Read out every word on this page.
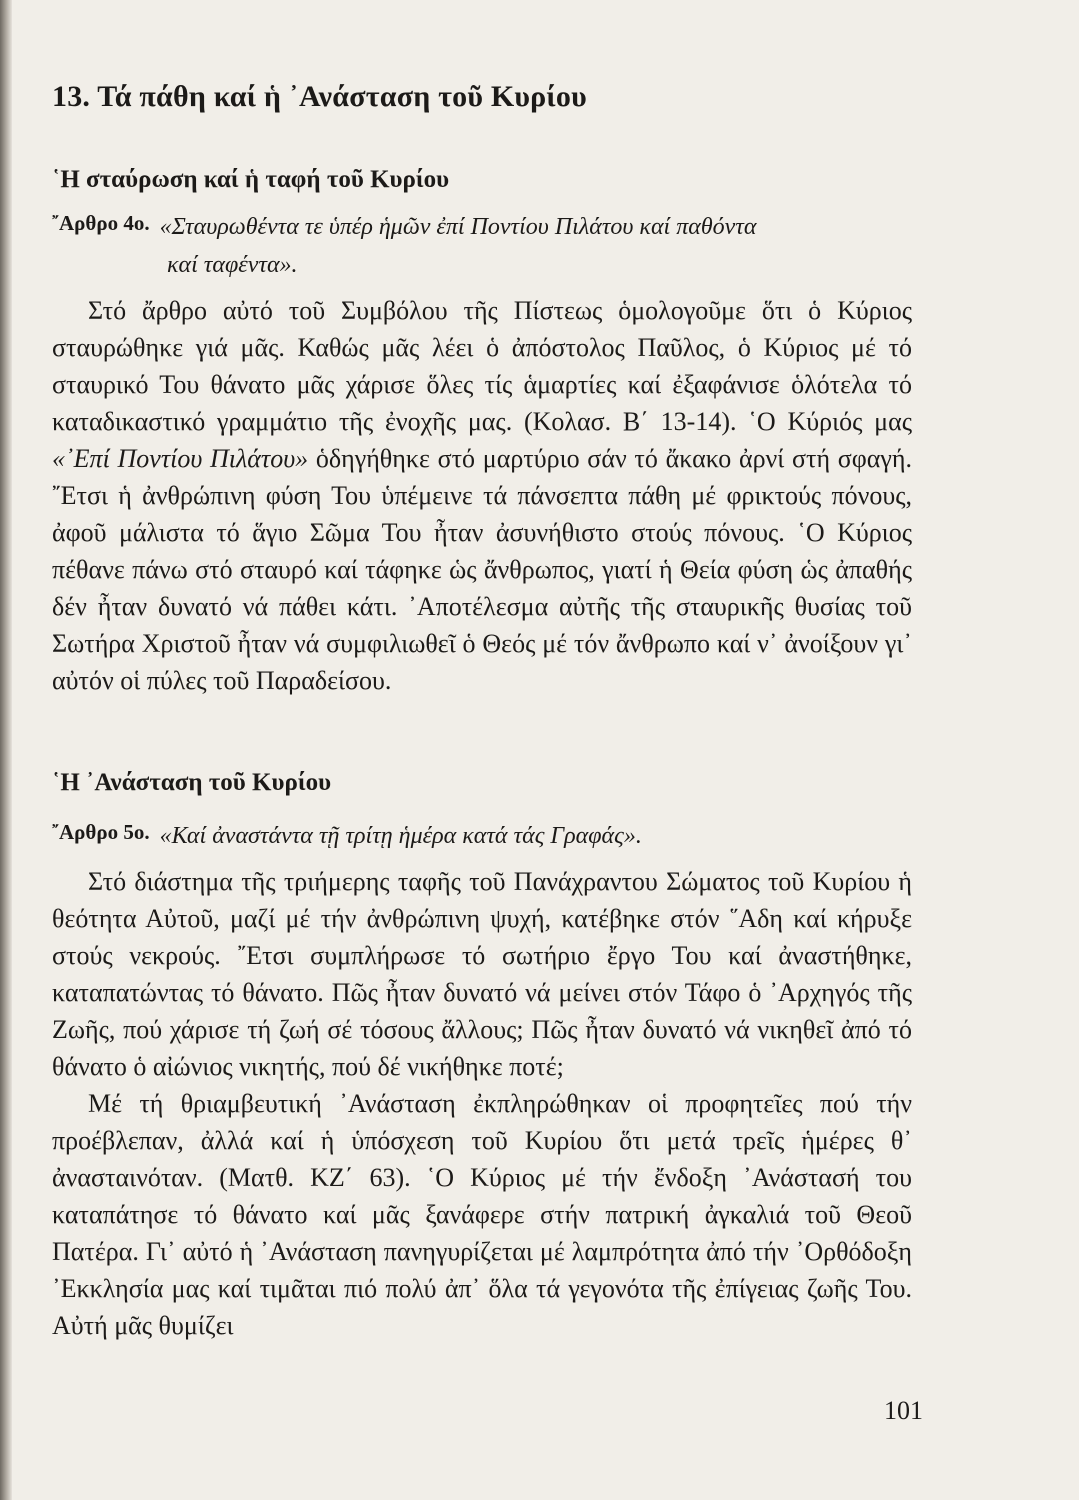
13. Τά πάθη καί ἡ ᾿Ανάσταση τοῦ Κυρίου
῾Η σταύρωση καί ἡ ταφή τοῦ Κυρίου
῎Αρθρο 4ο. «Σταυρωθέντα τε ὑπέρ ἡμῶν ἐπί Ποντίου Πιλάτου καί παθόντα
καί ταφέντα».

Στό ἄρθρο αὐτό τοῦ Συμβόλου τῆς Πίστεως ὁμολογοῦμε ὅτι ὁ Κύριος σταυρώθηκε γιά μᾶς. Καθώς μᾶς λέει ὁ ἀπόστολος Παῦλος, ὁ Κύριος μέ τό σταυρικό Του θάνατο μᾶς χάρισε ὅλες τίς ἁμαρτίες καί ἐξαφάνισε ὁλότελα τό καταδικαστικό γραμμάτιο τῆς ἐνοχῆς μας. (Κολασ. Β΄ 13-14). ῾Ο Κύριός μας «᾿Επί Ποντίου Πιλάτου» ὁδηγήθηκε στό μαρτύριο σάν τό ἄκακο ἀρνί στή σφαγή. ῎Ετσι ἡ ἀνθρώπινη φύση Του ὑπέμεινε τά πάνσεπτα πάθη μέ φρικτούς πόνους, ἀφοῦ μάλιστα τό ἅγιο Σῶμα Του ἦταν ἀσυνήθιστο στούς πόνους. ῾Ο Κύριος πέθανε πάνω στό σταυρό καί τάφηκε ὡς ἄνθρωπος, γιατί ἡ Θεία φύση ὡς ἀπαθής δέν ἦταν δυνατό νά πάθει κάτι. ᾿Αποτέλεσμα αὐτῆς τῆς σταυρικῆς θυσίας τοῦ Σωτήρα Χριστοῦ ἦταν νά συμφιλιωθεῖ ὁ Θεός μέ τόν ἄνθρωπο καί ν᾿ ἀνοίξουν γι᾿ αὐτόν οἱ πύλες τοῦ Παραδείσου.

῾Η ᾿Ανάσταση τοῦ Κυρίου
῎Αρθρο 5ο. «Καί ἀναστάντα τῇ τρίτῃ ἡμέρα κατά τάς Γραφάς».

Στό διάστημα τῆς τριήμερης ταφῆς τοῦ Πανάχραντου Σώματος τοῦ Κυρίου ἡ θεότητα Αὐτοῦ, μαζί μέ τήν ἀνθρώπινη ψυχή, κατέβηκε στόν ῞Αδη καί κήρυξε στούς νεκρούς. ῎Ετσι συμπλήρωσε τό σωτήριο ἔργο Του καί ἀναστήθηκε, καταπατώντας τό θάνατο. Πῶς ἦταν δυνατό νά μείνει στόν Τάφο ὁ ᾿Αρχηγός τῆς Ζωῆς, πού χάρισε τή ζωή σέ τόσους ἄλλους; Πῶς ἦταν δυνατό νά νικηθεῖ ἀπό τό θάνατο ὁ αἰώνιος νικητής, πού δέ νικήθηκε ποτέ;

Μέ τή θριαμβευτική ᾿Ανάσταση ἐκπληρώθηκαν οἱ προφητεῖες πού τήν προέβλεπαν, ἀλλά καί ἡ ὑπόσχεση τοῦ Κυρίου ὅτι μετά τρεῖς ἡμέρες θ᾿ ἀνασταινόταν. (Ματθ. ΚΖ΄ 63). ῾Ο Κύριος μέ τήν ἔνδοξη ᾿Ανάστασή του καταπάτησε τό θάνατο καί μᾶς ξανάφερε στήν πατρική ἀγκαλιά τοῦ Θεοῦ Πατέρα. Γι᾿ αὐτό ἡ ᾿Ανάσταση πανηγυρίζεται μέ λαμπρότητα ἀπό τήν ᾿Ορθόδοξη ᾿Εκκλησία μας καί τιμᾶται πιό πολύ ἀπ᾿ ὅλα τά γεγονότα τῆς ἐπίγειας ζωῆς Του. Αὐτή μᾶς θυμίζει

101
